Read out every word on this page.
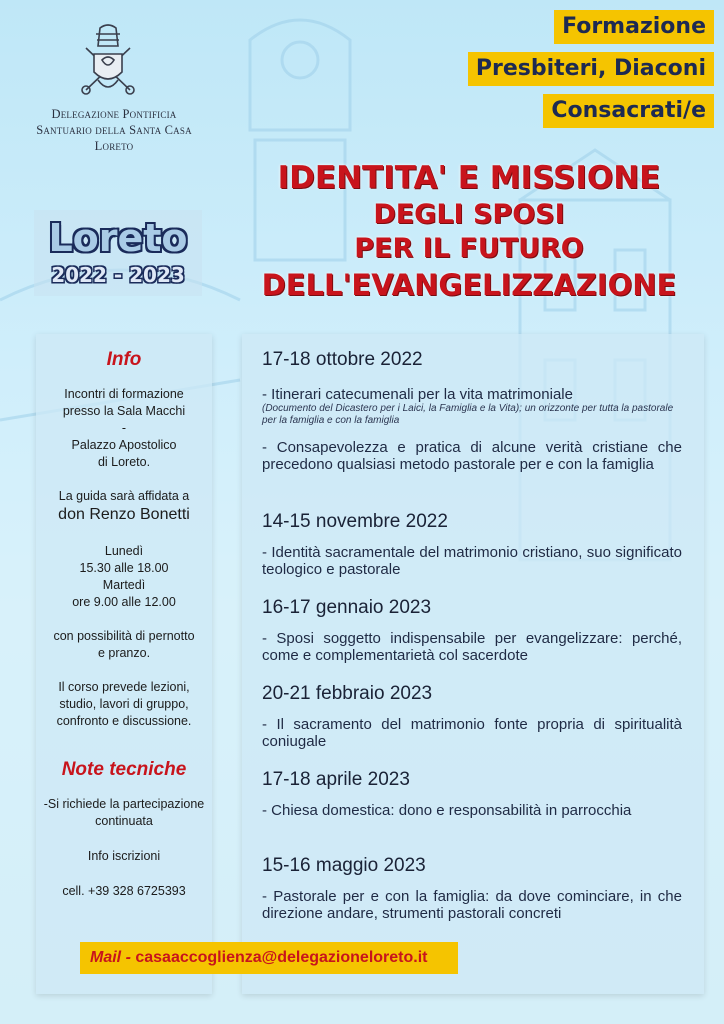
Delegazione Pontificia
Santuario della Santa Casa
Loreto
Formazione
Presbiteri, Diaconi
Consacrati/e
IDENTITA' E MISSIONE
DEGLI SPOSI
PER IL FUTURO
DELL'EVANGELIZZAZIONE
Loreto
2022 - 2023
Info
Incontri di formazione
presso la Sala Macchi
-
Palazzo Apostolico
di Loreto.
La guida sarà affidata a
don Renzo Bonetti
Lunedì
15.30 alle 18.00
Martedì
ore 9.00 alle 12.00
con possibilità di pernotto
e pranzo.
Il corso prevede lezioni,
studio, lavori di gruppo,
confronto e discussione.
Note tecniche
-Si richiede la partecipazione
continuata
Info iscrizioni
cell. +39 328 6725393
17-18 ottobre 2022
- Itinerari catecumenali per la vita matrimoniale
(Documento del Dicastero per i Laici, la Famiglia e la Vita); un orizzonte per tutta la pastorale per la famiglia e con la famiglia
- Consapevolezza e pratica di alcune verità cristiane che precedono qualsiasi metodo pastorale per e con la famiglia
14-15 novembre 2022
- Identità sacramentale del matrimonio cristiano, suo significato teologico e pastorale
16-17 gennaio 2023
- Sposi soggetto indispensabile per evangelizzare: perché, come e complementarietà col sacerdote
20-21 febbraio 2023
- Il sacramento del matrimonio fonte propria di spiritualità coniugale
17-18 aprile 2023
- Chiesa domestica: dono e responsabilità in parrocchia
15-16 maggio 2023
- Pastorale per e con la famiglia: da dove cominciare, in che direzione andare, strumenti pastorali concreti
Mail - casaaccoglienza@delegazioneloreto.it
